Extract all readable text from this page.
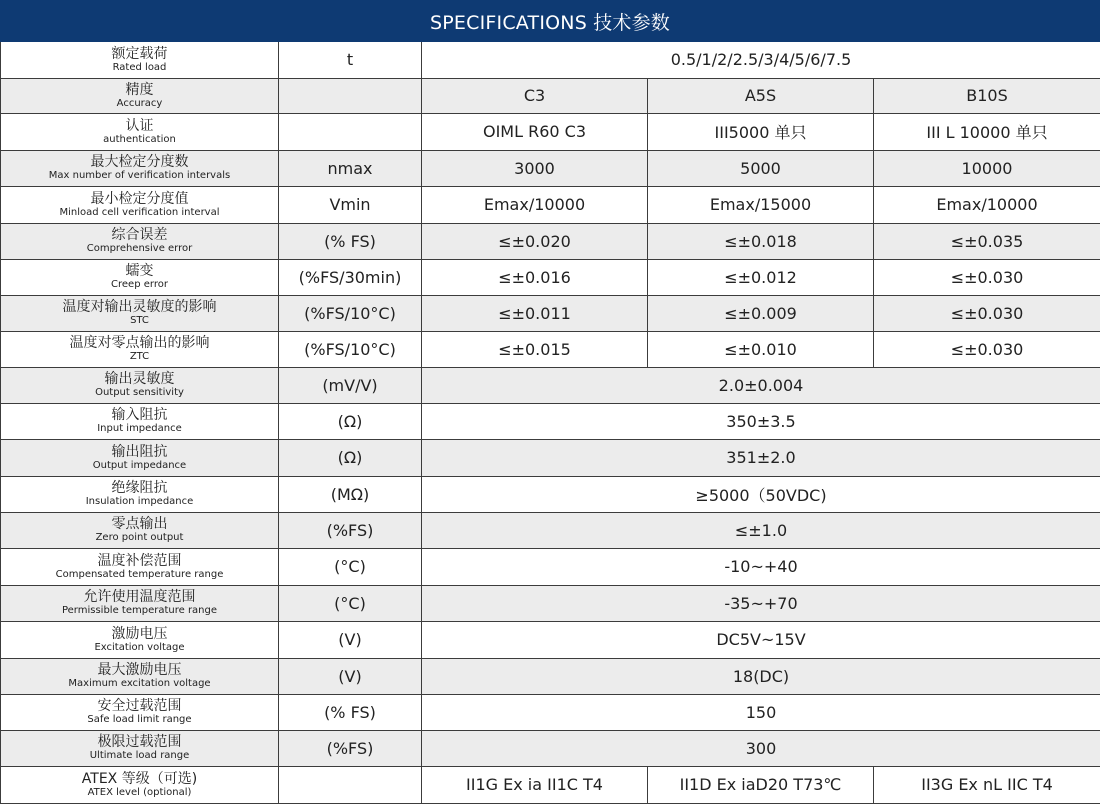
SPECIFICATIONS 技术参数
额定载荷
Rated load	t	0.5/1/2/2.5/3/4/5/6/7.5		

精度
Accuracy		C3	A5S	B10S

认证
authentication		OIML R60 C3	III5000 单只	III L 10000 单只

最大检定分度数
Max number of verification intervals	nmax	3000	5000	10000

最小检定分度值
Minload cell verification interval	Vmin	Emax/10000	Emax/15000	Emax/10000

综合误差
Comprehensive error	(% FS)	≤±0.020	≤±0.018	≤±0.035

蠕变
Creep error	(%FS/30min)	≤±0.016	≤±0.012	≤±0.030

温度对输出灵敏度的影响
STC	(%FS/10°C)	≤±0.011	≤±0.009	≤±0.030

温度对零点输出的影响
ZTC	(%FS/10°C)	≤±0.015	≤±0.010	≤±0.030

输出灵敏度
Output sensitivity	(mV/V)	2.0±0.004		

输入阻抗
Input impedance	(Ω)	350±3.5		

输出阻抗
Output impedance	(Ω)	351±2.0		

绝缘阻抗
Insulation impedance	(MΩ)	≥5000（50VDC)		

零点输出
Zero point output	(%FS)	≤±1.0		

温度补偿范围
Compensated temperature range	(°C)	-10~+40		

允许使用温度范围
Permissible temperature range	(°C)	-35~+70		

激励电压
Excitation voltage	(V)	DC5V~15V		

最大激励电压
Maximum excitation voltage	(V)	18(DC)		

安全过载范围
Safe load limit range	(% FS)	150		

极限过载范围
Ultimate load range	(%FS)	300		

ATEX 等级（可选)
ATEX level (optional)		II1G Ex ia II1C T4	II1D Ex iaD20 T73℃	II3G Ex nL IIC T4
